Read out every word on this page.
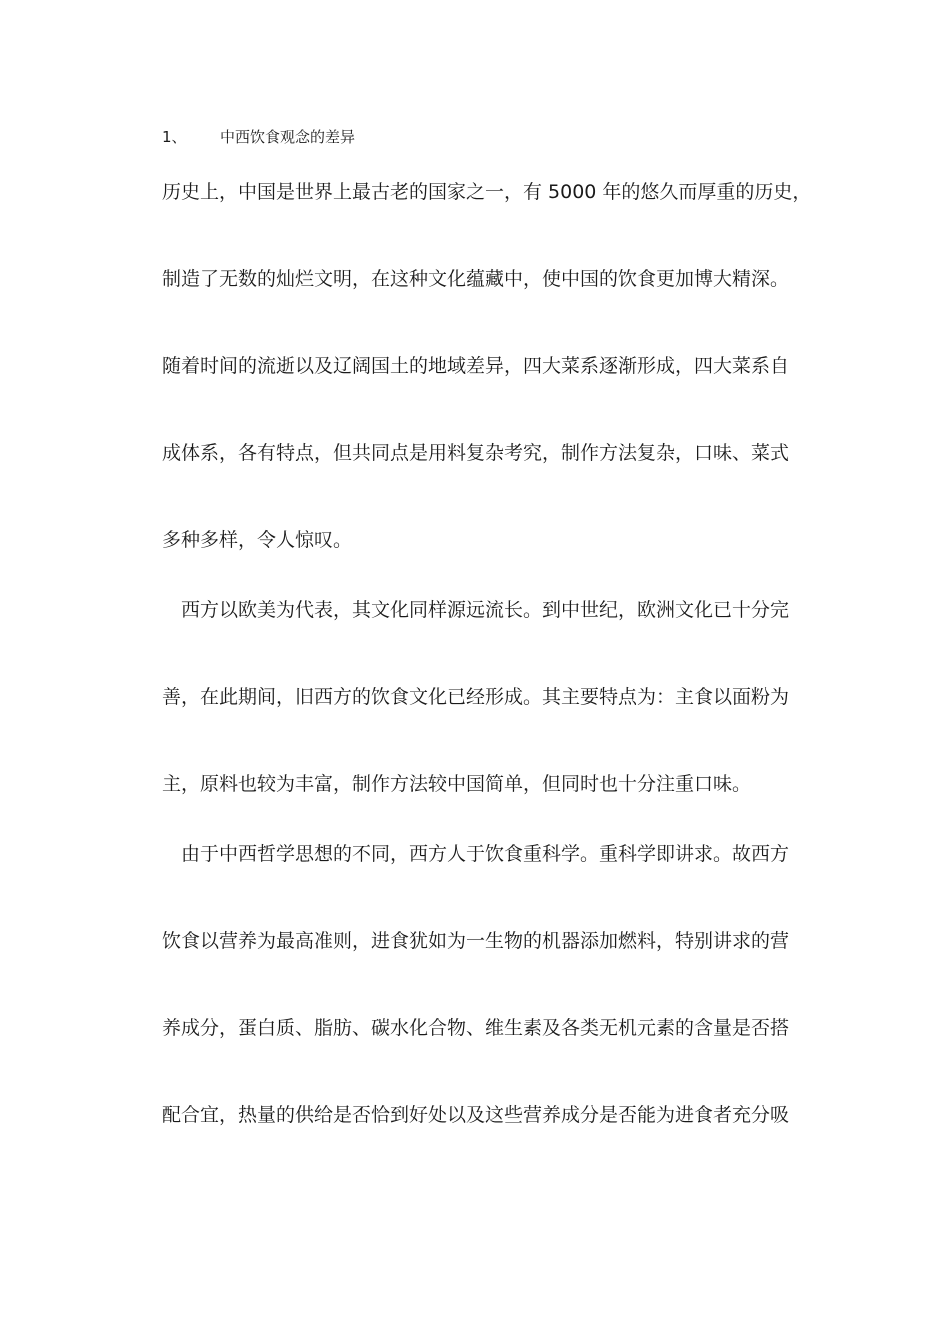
1、 中西饮食观念的差异
历史上，中国是世界上最古老的国家之一，有 5000 年的悠久而厚重的历史，
制造了无数的灿烂文明，在这种文化蕴藏中，使中国的饮食更加博大精深。
随着时间的流逝以及辽阔国土的地域差异，四大菜系逐渐形成，四大菜系自
成体系，各有特点，但共同点是用料复杂考究，制作方法复杂，口味、菜式
多种多样，令人惊叹。
西方以欧美为代表，其文化同样源远流长。到中世纪，欧洲文化已十分完
善，在此期间，旧西方的饮食文化已经形成。其主要特点为：主食以面粉为
主，原料也较为丰富，制作方法较中国简单，但同时也十分注重口味。
由于中西哲学思想的不同，西方人于饮食重科学。重科学即讲求。故西方
饮食以营养为最高准则，进食犹如为一生物的机器添加燃料，特别讲求的营
养成分，蛋白质、脂肪、碳水化合物、维生素及各类无机元素的含量是否搭
配合宜，热量的供给是否恰到好处以及这些营养成分是否能为进食者充分吸
